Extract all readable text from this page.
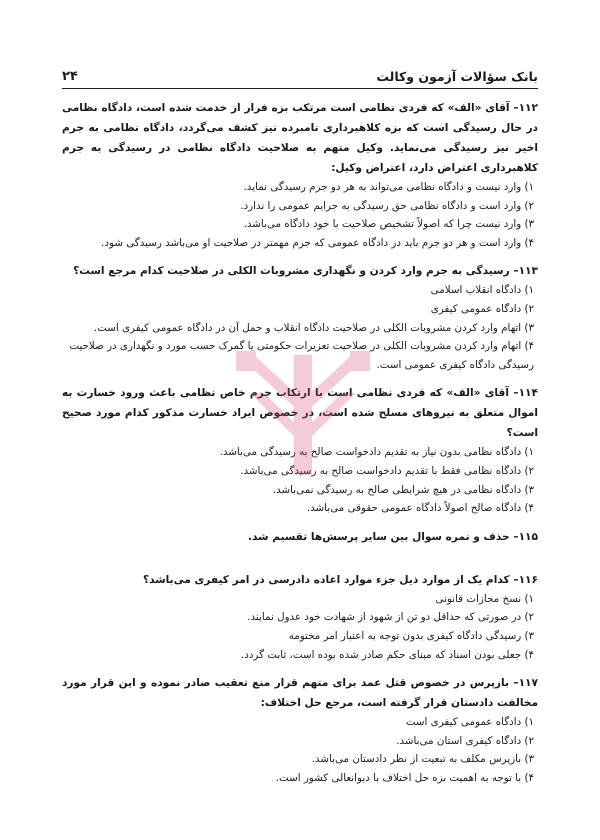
بانک سؤالات آزمون وکالت
۲۴
۱۱۲– آقای «الف» که فردی نظامی است مرتکب بزه فرار از خدمت شده است، دادگاه نظامی در حال رسیدگی است که بزه کلاهبرداری نامبرده نیز کشف می‌گردد، دادگاه نظامی به جرم اخیر نیز رسیدگی می‌نماید. وکیل متهم به صلاحیت دادگاه نظامی در رسیدگی به جرم کلاهبرداری اعتراض دارد، اعتراض وکیل:
۱) وارد نیست و دادگاه نظامی می‌تواند به هر دو جرم رسیدگی نماید.
۲) وارد است و دادگاه نظامی حق رسیدگی به جرایم عمومی را ندارد.
۳) وارد نیست چرا که اصولاً تشخیص صلاحیت با خود دادگاه می‌باشد.
۴) وارد است و هر دو جرم باید در دادگاه عمومی که جرم مهمتر در صلاحیت او می‌باشد رسیدگی شود.
۱۱۳– رسیدگی به جرم وارد کردن و نگهداری مشروبات الکلی در صلاحیت کدام مرجع است؟
۱) دادگاه انقلاب اسلامی
۲) دادگاه عمومی کیفری
۳) اتهام وارد کردن مشروبات الکلی در صلاحیت دادگاه انقلاب و حمل آن در دادگاه عمومی کیفری است.
۴) اتهام وارد کردن مشروبات الکلی در صلاحیت تعزیرات حکومتی یا گمرک حسب مورد و نگهداری در صلاحیت رسیدگی دادگاه کیفری عمومی است.
۱۱۴– آقای «الف» که فردی نظامی است با ارتکاب جرم خاص نظامی باعث ورود خسارت به اموال متعلق به نیروهای مسلح شده است، در خصوص ایراد خسارت مذکور کدام مورد صحیح است؟
۱) دادگاه نظامی بدون نیاز به تقدیم دادخواست صالح به رسیدگی می‌باشد.
۲) دادگاه نظامی فقط با تقدیم دادخواست صالح به رسیدگی می‌باشد.
۳) دادگاه نظامی در هیچ شرایطی صالح به رسیدگی نمی‌باشد.
۴) دادگاه صالح اصولاً دادگاه عمومی حقوقی می‌باشد.
۱۱۵– حذف و نمره سوال بین سایر پرسش‌ها تقسیم شد.
۱۱۶– کدام یک از موارد ذیل جزء موارد اعاده دادرسی در امر کیفری می‌باشد؟
۱) نسخ مجازات قانونی
۲) در صورتی که حداقل دو تن از شهود از شهادت خود عدول نمایند.
۳) رسیدگی دادگاه کیفری بدون توجه به اعتبار امر مختومه
۴) جعلی بودن اسناد که مبنای حکم صادر شده بوده است، ثابت گردد.
۱۱۷– بازپرس در خصوص قتل عمد برای متهم قرار منع تعقیب صادر نموده و این قرار مورد مخالفت دادستان قرار گرفته است، مرجع حل اختلاف:
۱) دادگاه عمومی کیفری است
۲) دادگاه کیفری استان می‌باشد.
۳) بازپرس مکلف به تبعیت از نظر دادستان می‌باشد.
۴) با توجه به اهمیت بزه حل اختلاف با دیوانعالی کشور است.
